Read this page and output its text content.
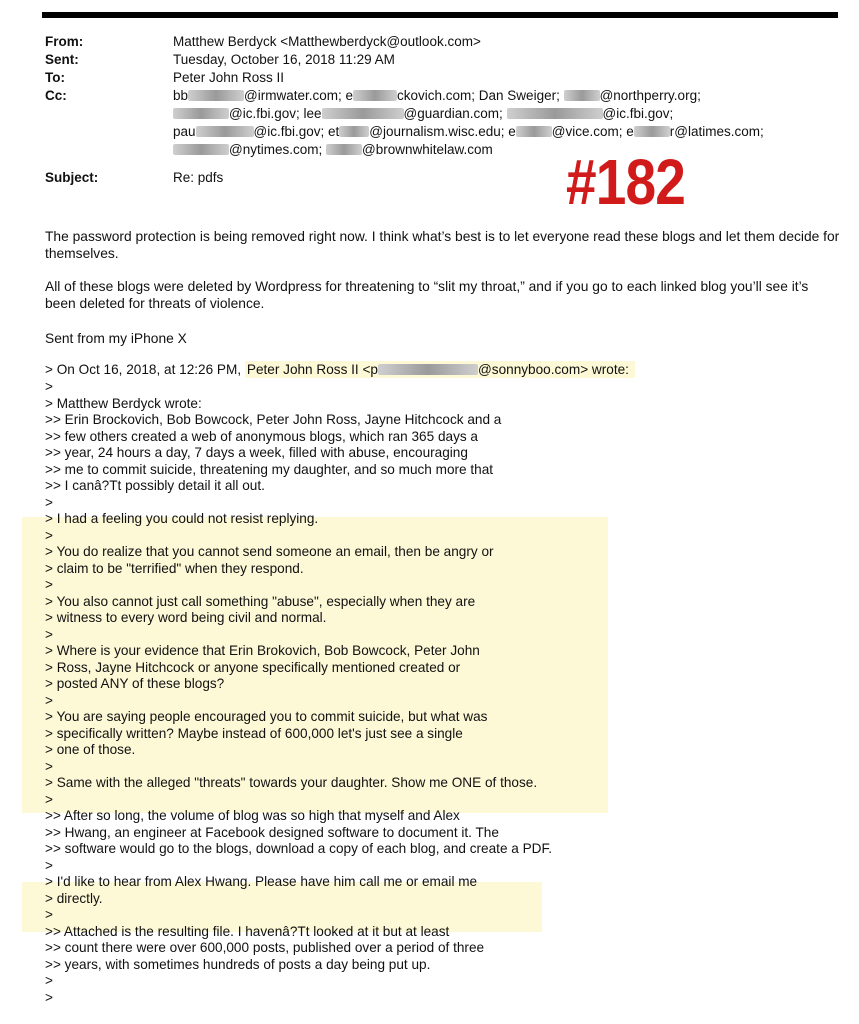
From:	Matthew Berdyck <Matthewberdyck@outlook.com>
Sent:	Tuesday, October 16, 2018 11:29 AM
To:	Peter John Ross II
Cc:	bb	@irmwater.com; e	ckovich.com; Dan Sweiger;	@northperry.org;
@ic.fbi.gov; lee	@guardian.com;	@ic.fbi.gov;
pau	@ic.fbi.gov; et @journalism.wisc.edu; e	@vice.com; e	r@latimes.com;
@nytimes.com;	@brownwhitelaw.com
Subject:	Re: pdfs	#182
The password protection is being removed right now. I think what’s best is to let everyone read these blogs and let them decide for themselves.
All of these blogs were deleted by Wordpress for threatening to “slit my throat,” and if you go to each linked blog you’ll see it’s been deleted for threats of violence.
Sent from my iPhone X
> On Oct 16, 2018, at 12:26 PM, Peter John Ross II <p	@sonnyboo.com> wrote:
>
> Matthew Berdyck wrote:
>> Erin Brockovich, Bob Bowcock, Peter John Ross, Jayne Hitchcock and a
>> few others created a web of anonymous blogs, which ran 365 days a
>> year, 24 hours a day, 7 days a week, filled with abuse, encouraging
>> me to commit suicide, threatening my daughter, and so much more that
>> I canâ?Tt possibly detail it all out.
>
> I had a feeling you could not resist replying.
>
> You do realize that you cannot send someone an email, then be angry or
> claim to be "terrified" when they respond.
>
> You also cannot just call something "abuse", especially when they are
> witness to every word being civil and normal.
>
> Where is your evidence that Erin Brokovich, Bob Bowcock, Peter John
> Ross, Jayne Hitchcock or anyone specifically mentioned created or
> posted ANY of these blogs?
>
> You are saying people encouraged you to commit suicide, but what was
> specifically written? Maybe instead of 600,000 let's just see a single
> one of those.
>
> Same with the alleged "threats" towards your daughter. Show me ONE of those.
>
>> After so long, the volume of blog was so high that myself and Alex
>> Hwang, an engineer at Facebook designed software to document it. The
>> software would go to the blogs, download a copy of each blog, and create a PDF.
>
> I'd like to hear from Alex Hwang. Please have him call me or email me
> directly.
>
>> Attached is the resulting file. I havenâ?Tt looked at it but at least
>> count there were over 600,000 posts, published over a period of three
>> years, with sometimes hundreds of posts a day being put up.
>
>
